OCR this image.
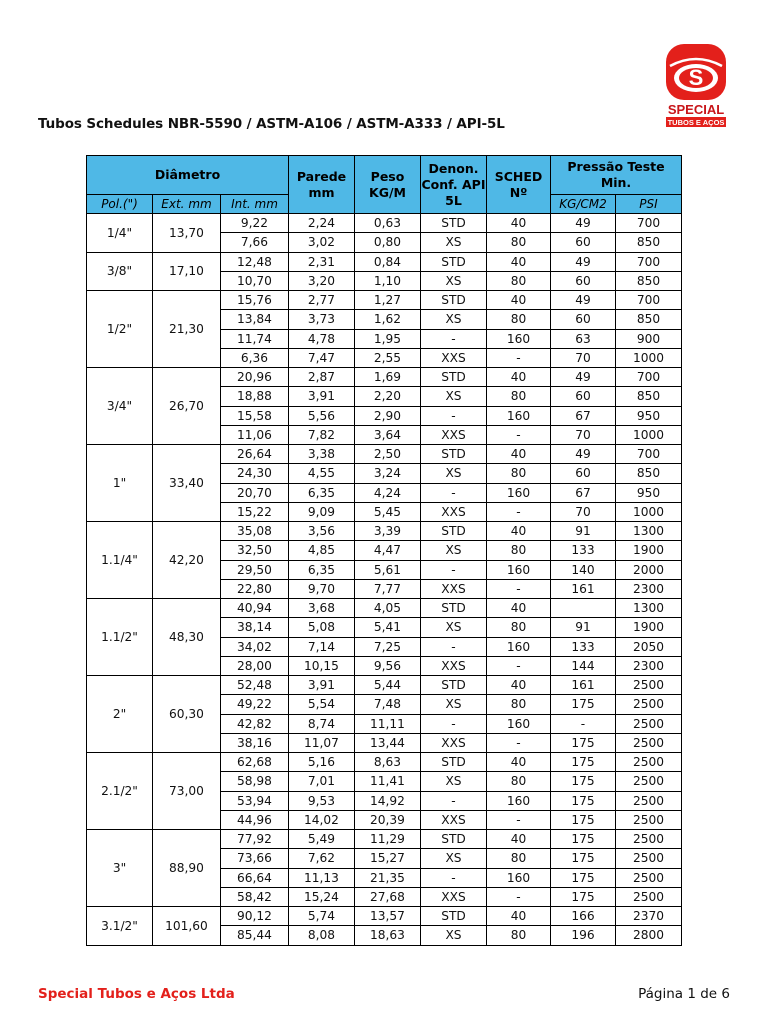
S
SPECIAL
TUBOS E AÇOS
Tubos Schedules NBR-5590 / ASTM-A106 / ASTM-A333 / API-5L
Diâmetro			Parede mm	Peso KG/M	Denon. Conf. API 5L	SCHED Nº	Pressão Teste Min.	
Pol.(")	Ext. mm	Int. mm					KG/CM2	PSI
1/4"	13,70	9,22	2,24	0,63	STD	40	49	700
		7,66	3,02	0,80	XS	80	60	850
3/8"	17,10	12,48	2,31	0,84	STD	40	49	700
		10,70	3,20	1,10	XS	80	60	850
1/2"	21,30	15,76	2,77	1,27	STD	40	49	700
		13,84	3,73	1,62	XS	80	60	850
		11,74	4,78	1,95	-	160	63	900
		6,36	7,47	2,55	XXS	-	70	1000
3/4"	26,70	20,96	2,87	1,69	STD	40	49	700
		18,88	3,91	2,20	XS	80	60	850
		15,58	5,56	2,90	-	160	67	950
		11,06	7,82	3,64	XXS	-	70	1000
1"	33,40	26,64	3,38	2,50	STD	40	49	700
		24,30	4,55	3,24	XS	80	60	850
		20,70	6,35	4,24	-	160	67	950
		15,22	9,09	5,45	XXS	-	70	1000
1.1/4"	42,20	35,08	3,56	3,39	STD	40	91	1300
		32,50	4,85	4,47	XS	80	133	1900
		29,50	6,35	5,61	-	160	140	2000
		22,80	9,70	7,77	XXS	-	161	2300
1.1/2"	48,30	40,94	3,68	4,05	STD	40		1300
		38,14	5,08	5,41	XS	80	91	1900
		34,02	7,14	7,25	-	160	133	2050
		28,00	10,15	9,56	XXS	-	144	2300
2"	60,30	52,48	3,91	5,44	STD	40	161	2500
		49,22	5,54	7,48	XS	80	175	2500
		42,82	8,74	11,11	-	160	-	2500
		38,16	11,07	13,44	XXS	-	175	2500
2.1/2"	73,00	62,68	5,16	8,63	STD	40	175	2500
		58,98	7,01	11,41	XS	80	175	2500
		53,94	9,53	14,92	-	160	175	2500
		44,96	14,02	20,39	XXS	-	175	2500
3"	88,90	77,92	5,49	11,29	STD	40	175	2500
		73,66	7,62	15,27	XS	80	175	2500
		66,64	11,13	21,35	-	160	175	2500
		58,42	15,24	27,68	XXS	-	175	2500
3.1/2"	101,60	90,12	5,74	13,57	STD	40	166	2370
		85,44	8,08	18,63	XS	80	196	2800
Special Tubos e Aços Ltda	Página 1 de 6
